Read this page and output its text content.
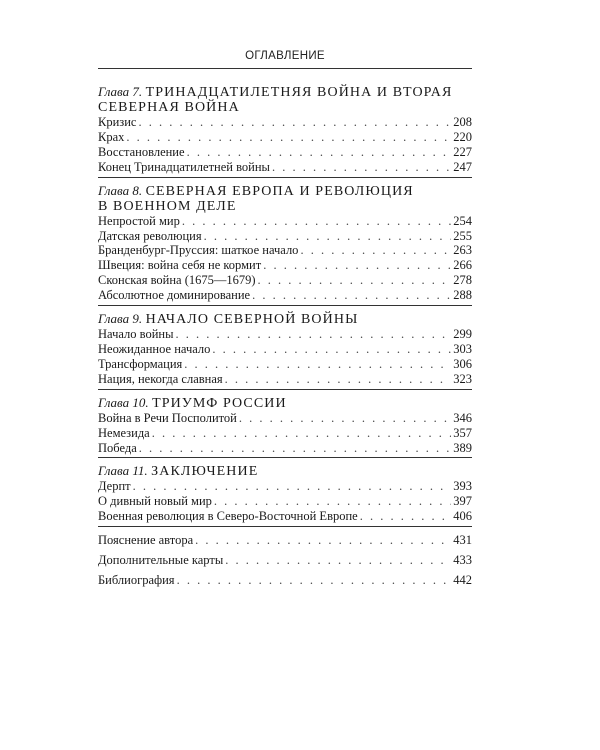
ОГЛАВЛЕНИЕ

Глава 7. ТРИНАДЦАТИЛЕТНЯЯ ВОЙНА И ВТОРАЯ
СЕВЕРНАЯ ВОЙНА

Кризис . . .	208
Крах . . .	220
Восстановление . . .	227
Конец Тринадцатилетней войны . . .	247

Глава 8. СЕВЕРНАЯ ЕВРОПА И РЕВОЛЮЦИЯ
В ВОЕННОМ ДЕЛЕ

Непростой мир . . .	254
Датская революция . . .	255
Бранденбург-Пруссия: шаткое начало . . .	263
Швеция: война себя не кормит . . .	266
Сконская война (1675—1679) . . .	278
Абсолютное доминирование . . .	288

Глава 9. НАЧАЛО СЕВЕРНОЙ ВОЙНЫ

Начало войны . . .	299
Неожиданное начало . . .	303
Трансформация . . .	306
Нация, некогда славная . . .	323

Глава 10. ТРИУМФ РОССИИ

Война в Речи Посполитой . . .	346
Немезида . . .	357
Победа . . .	389

Глава 11. ЗАКЛЮЧЕНИЕ

Дерпт . . .	393
О дивный новый мир . . .	397
Военная революция в Северо-Восточной Европе . . .	406
Пояснение автора . . .	431
Дополнительные карты . . .	433
Библиография . . .	442
